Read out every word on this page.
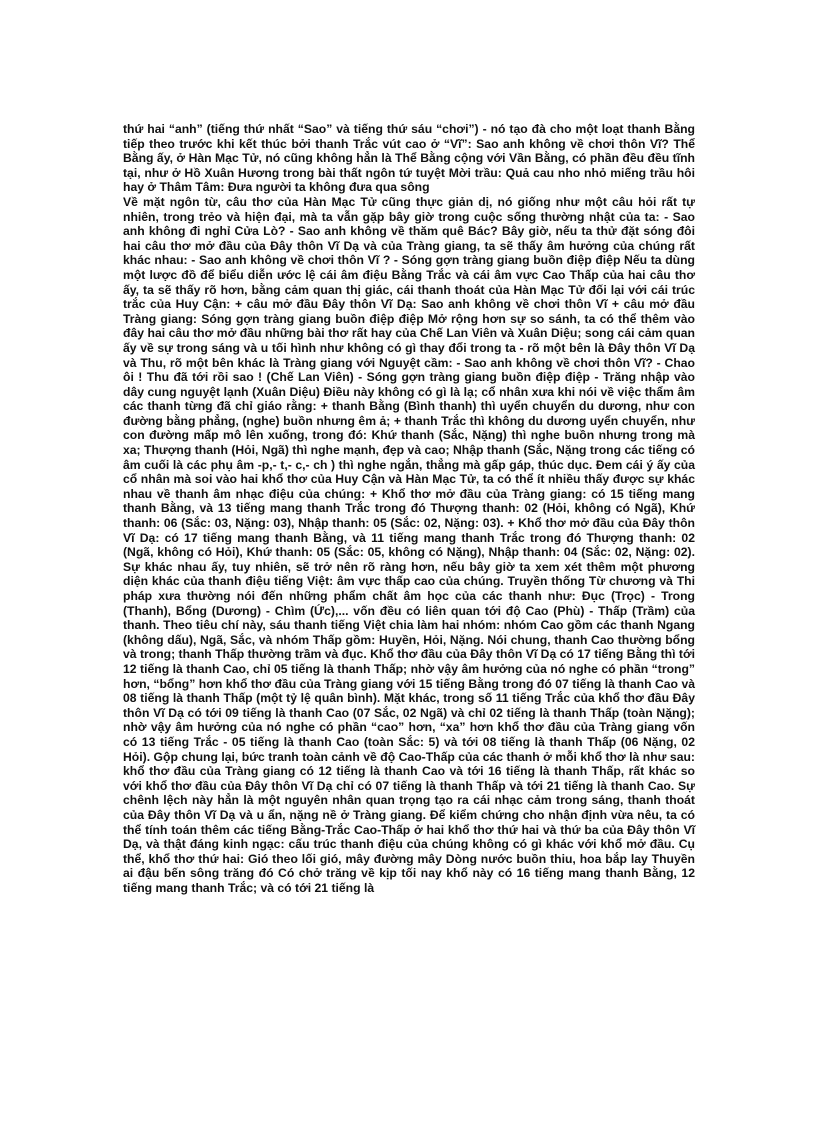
thứ hai “anh” (tiếng thứ nhất “Sao” và tiếng thứ sáu “chơi”) - nó tạo đà cho một loạt thanh Bằng tiếp theo trước khi kết thúc bởi thanh Trắc vút cao ở “Vĩ”: Sao anh không về chơi thôn Vĩ? Thể Bằng ấy, ở Hàn Mạc Tử, nó cũng không hẳn là Thể Bằng cộng với Vần Bằng, có phần đều đều tĩnh tại, như ở Hồ Xuân Hương trong bài thất ngôn tứ tuyệt Mời trầu: Quả cau nho nhỏ miếng trầu hôi hay ở Thâm Tâm: Đưa người ta không đưa qua sông

Về mặt ngôn từ, câu thơ của Hàn Mạc Tử cũng thực giản dị, nó giống như một câu hỏi rất tự nhiên, trong trẻo và hiện đại, mà ta vẫn gặp bây giờ trong cuộc sống thường nhật của ta: - Sao anh không đi nghỉ Cửa Lò? - Sao anh không về thăm quê Bác? Bây giờ, nếu ta thử đặt sóng đôi hai câu thơ mở đầu của Đây thôn Vĩ Dạ và của Tràng giang, ta sẽ thấy âm hưởng của chúng rất khác nhau: - Sao anh không về chơi thôn Vĩ ? - Sóng gợn tràng giang buồn điệp điệp Nếu ta dùng một lược đồ để biểu diễn ước lệ cái âm điệu Bằng Trắc và cái âm vực Cao Thấp của hai câu thơ ấy, ta sẽ thấy rõ hơn, bằng cảm quan thị giác, cái thanh thoát của Hàn Mạc Tử đối lại với cái trúc trắc của Huy Cận: + câu mở đầu Đây thôn Vĩ Dạ: Sao anh không về chơi thôn Vĩ + câu mở đầu Tràng giang: Sóng gợn tràng giang buồn điệp điệp Mở rộng hơn sự so sánh, ta có thể thêm vào đây hai câu thơ mở đầu những bài thơ rất hay của Chế Lan Viên và Xuân Diệu; song cái cảm quan ấy về sự trong sáng và u tối hình như không có gì thay đổi trong ta - rõ một bên là Đây thôn Vĩ Dạ và Thu, rõ một bên khác là Tràng giang với Nguyệt cầm: - Sao anh không về chơi thôn Vĩ? - Chao ôi ! Thu đã tới rồi sao ! (Chế Lan Viên) - Sóng gợn tràng giang buồn điệp điệp - Trăng nhập vào dây cung nguyệt lạnh (Xuân Diệu) Điều này không có gì là lạ; cổ nhân xưa khi nói về việc thẩm âm các thanh từng đã chỉ giáo rằng: + thanh Bằng (Bình thanh) thì uyển chuyển du dương, như con đường bằng phẳng, (nghe) buồn nhưng êm ả; + thanh Trắc thì không du dương uyển chuyển, như con đường mấp mô lên xuống, trong đó: Khứ thanh (Sắc, Nặng) thì nghe buồn nhưng trong mà xa; Thượng thanh (Hỏi, Ngã) thì nghe mạnh, đẹp và cao; Nhập thanh (Sắc, Nặng trong các tiếng có âm cuối là các phụ âm -p,- t,- c,- ch ) thì nghe ngắn, thẳng mà gấp gáp, thúc dục. Đem cái ý ấy của cổ nhân mà soi vào hai khổ thơ của Huy Cận và Hàn Mạc Tử, ta có thể ít nhiều thấy được sự khác nhau về thanh âm nhạc điệu của chúng: + Khổ thơ mở đầu của Tràng giang: có 15 tiếng mang thanh Bằng, và 13 tiếng mang thanh Trắc trong đó Thượng thanh: 02 (Hỏi, không có Ngã), Khứ thanh: 06 (Sắc: 03, Nặng: 03), Nhập thanh: 05 (Sắc: 02, Nặng: 03). + Khổ thơ mở đầu của Đây thôn Vĩ Dạ: có 17 tiếng mang thanh Bằng, và 11 tiếng mang thanh Trắc trong đó Thượng thanh: 02 (Ngã, không có Hỏi), Khứ thanh: 05 (Sắc: 05, không có Nặng), Nhập thanh: 04 (Sắc: 02, Nặng: 02). Sự khác nhau ấy, tuy nhiên, sẽ trở nên rõ ràng hơn, nếu bây giờ ta xem xét thêm một phương diện khác của thanh điệu tiếng Việt: âm vực thấp cao của chúng. Truyền thống Từ chương và Thi pháp xưa thường nói đến những phẩm chất âm học của các thanh như: Đục (Trọc) - Trong (Thanh), Bổng (Dương) - Chìm (Ức),... vốn đều có liên quan tới độ Cao (Phù) - Thấp (Trầm) của thanh. Theo tiêu chí này, sáu thanh tiếng Việt chia làm hai nhóm: nhóm Cao gồm các thanh Ngang (không dấu), Ngã, Sắc, và nhóm Thấp gồm: Huyền, Hỏi, Nặng. Nói chung, thanh Cao thường bổng và trong; thanh Thấp thường trầm và đục. Khổ thơ đầu của Đây thôn Vĩ Dạ có 17 tiếng Bằng thì tới 12 tiếng là thanh Cao, chỉ 05 tiếng là thanh Thấp; nhờ vậy âm hưởng của nó nghe có phần “trong” hơn, “bổng” hơn khổ thơ đầu của Tràng giang với 15 tiếng Bằng trong đó 07 tiếng là thanh Cao và 08 tiếng là thanh Thấp (một tỷ lệ quân bình). Mặt khác, trong số 11 tiếng Trắc của khổ thơ đầu Đây thôn Vĩ Dạ có tới 09 tiếng là thanh Cao (07 Sắc, 02 Ngã) và chỉ 02 tiếng là thanh Thấp (toàn Nặng); nhờ vậy âm hưởng của nó nghe có phần “cao” hơn, “xa” hơn khổ thơ đầu của Tràng giang vốn có 13 tiếng Trắc - 05 tiếng là thanh Cao (toàn Sắc: 5) và tới 08 tiếng là thanh Thấp (06 Nặng, 02 Hỏi). Gộp chung lại, bức tranh toàn cảnh về độ Cao-Thấp của các thanh ở mỗi khổ thơ là như sau: khổ thơ đầu của Tràng giang có 12 tiếng là thanh Cao và tới 16 tiếng là thanh Thấp, rất khác so với khổ thơ đầu của Đây thôn Vĩ Dạ chỉ có 07 tiếng là thanh Thấp và tới 21 tiếng là thanh Cao. Sự chênh lệch này hẳn là một nguyên nhân quan trọng tạo ra cái nhạc cảm trong sáng, thanh thoát của Đây thôn Vĩ Dạ và u ẩn, nặng nề ở Tràng giang. Để kiểm chứng cho nhận định vừa nêu, ta có thể tính toán thêm các tiếng Bằng-Trắc Cao-Thấp ở hai khổ thơ thứ hai và thứ ba của Đây thôn Vĩ Dạ, và thật đáng kinh ngạc: cấu trúc thanh điệu của chúng không có gì khác với khổ mở đầu. Cụ thể, khổ thơ thứ hai: Gió theo lối gió, mây đường mây Dòng nước buồn thiu, hoa bắp lay Thuyền ai đậu bến sông trăng đó Có chở trăng về kịp tối nay khổ này có 16 tiếng mang thanh Bằng, 12 tiếng mang thanh Trắc; và có tới 21 tiếng là
